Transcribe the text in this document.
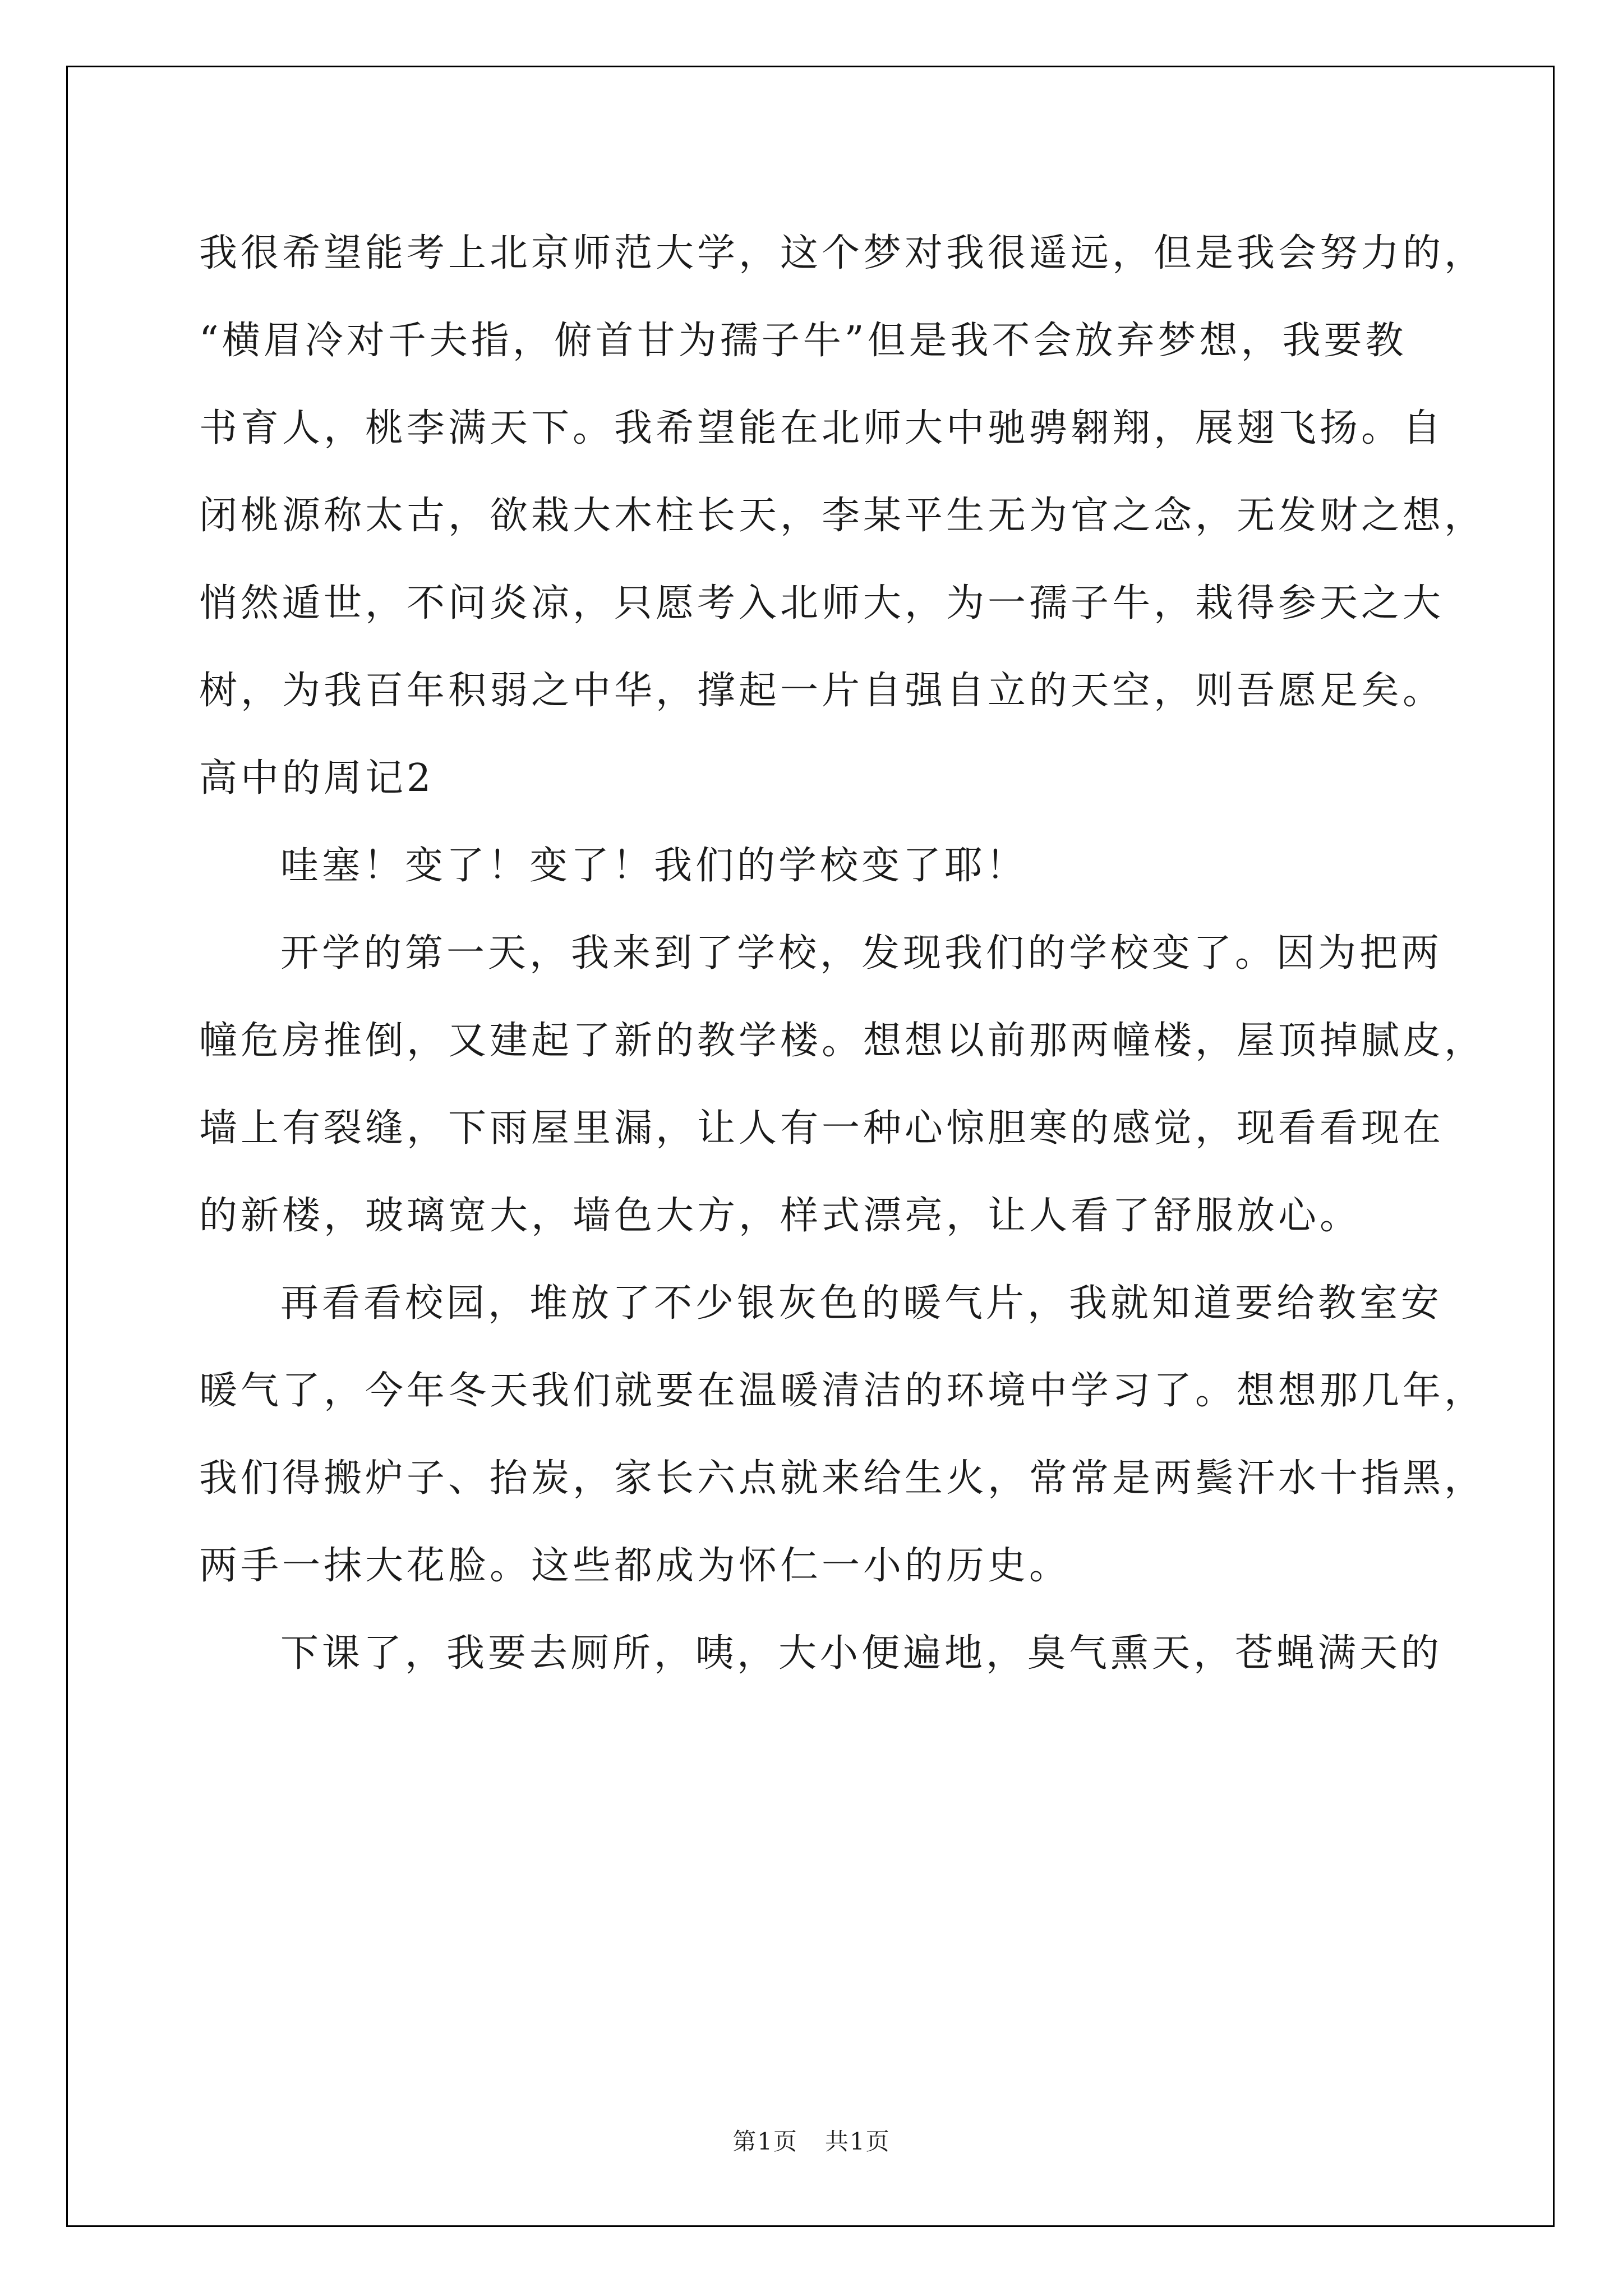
我很希望能考上北京师范大学，这个梦对我很遥远，但是我会努力的，
“横眉冷对千夫指，俯首甘为孺子牛”但是我不会放弃梦想，我要教
书育人，桃李满天下。我希望能在北师大中驰骋翱翔，展翅飞扬。自
闭桃源称太古，欲栽大木柱长天，李某平生无为官之念，无发财之想，
悄然遁世，不问炎凉，只愿考入北师大，为一孺子牛，栽得参天之大
树，为我百年积弱之中华，撑起一片自强自立的天空，则吾愿足矣。
高中的周记2
哇塞！变了！变了！我们的学校变了耶！
开学的第一天，我来到了学校，发现我们的学校变了。因为把两
幢危房推倒，又建起了新的教学楼。想想以前那两幢楼，屋顶掉腻皮，
墙上有裂缝，下雨屋里漏，让人有一种心惊胆寒的感觉，现看看现在
的新楼，玻璃宽大，墙色大方，样式漂亮，让人看了舒服放心。
再看看校园，堆放了不少银灰色的暖气片，我就知道要给教室安
暖气了，今年冬天我们就要在温暖清洁的环境中学习了。想想那几年，
我们得搬炉子、抬炭，家长六点就来给生火，常常是两鬓汗水十指黑，
两手一抹大花脸。这些都成为怀仁一小的历史。
下课了，我要去厕所，咦，大小便遍地，臭气熏天，苍蝇满天的
第1页 共1页
